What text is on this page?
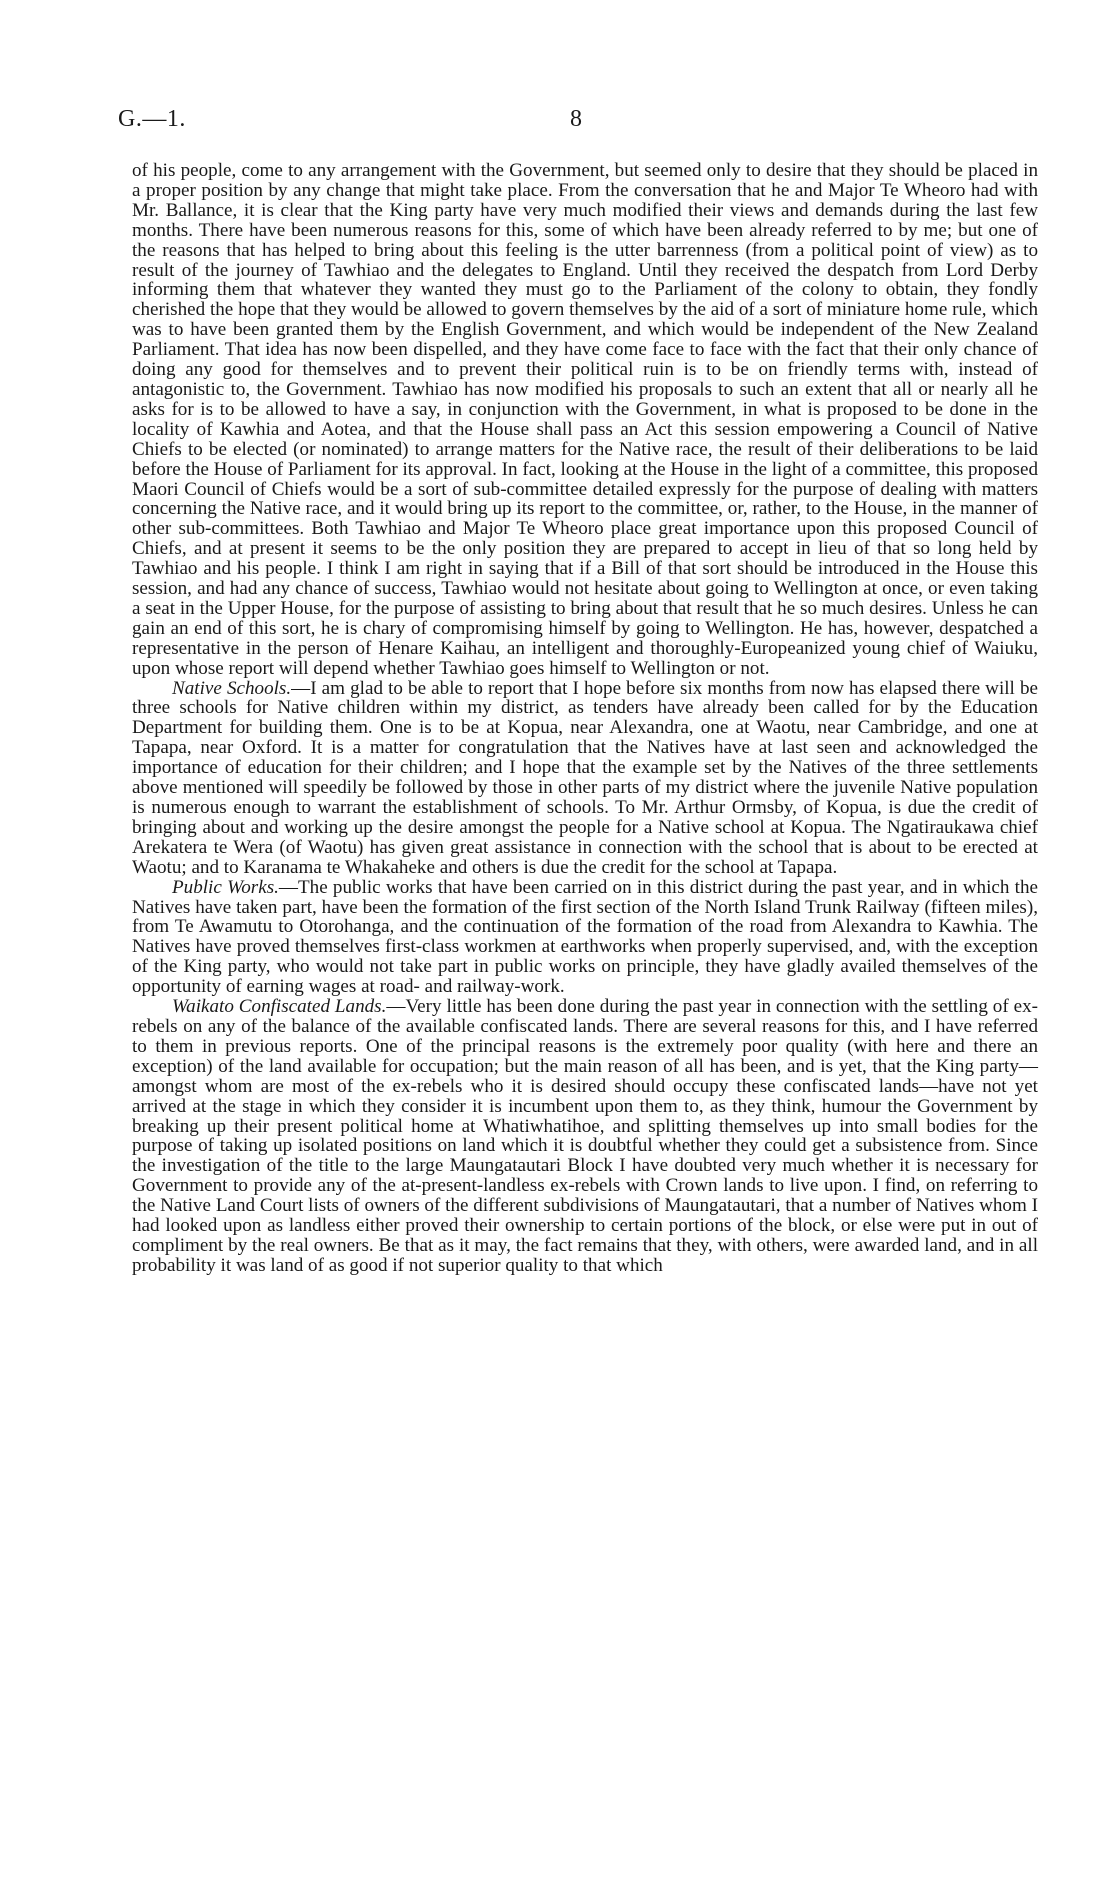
G.—1.	8

of his people, come to any arrangement with the Government, but seemed only to desire that they should be placed in a proper position by any change that might take place. From the conversation that he and Major Te Wheoro had with Mr. Ballance, it is clear that the King party have very much modified their views and demands during the last few months. There have been numerous reasons for this, some of which have been already referred to by me; but one of the reasons that has helped to bring about this feeling is the utter barrenness (from a political point of view) as to result of the journey of Tawhiao and the delegates to England. Until they received the despatch from Lord Derby informing them that whatever they wanted they must go to the Parliament of the colony to obtain, they fondly cherished the hope that they would be allowed to govern themselves by the aid of a sort of miniature home rule, which was to have been granted them by the English Government, and which would be independent of the New Zealand Parliament. That idea has now been dispelled, and they have come face to face with the fact that their only chance of doing any good for themselves and to prevent their political ruin is to be on friendly terms with, instead of antagonistic to, the Government. Tawhiao has now modified his proposals to such an extent that all or nearly all he asks for is to be allowed to have a say, in conjunction with the Government, in what is proposed to be done in the locality of Kawhia and Aotea, and that the House shall pass an Act this session empowering a Council of Native Chiefs to be elected (or nominated) to arrange matters for the Native race, the result of their deliberations to be laid before the House of Parliament for its approval. In fact, looking at the House in the light of a committee, this proposed Maori Council of Chiefs would be a sort of sub-committee detailed expressly for the purpose of dealing with matters concerning the Native race, and it would bring up its report to the committee, or, rather, to the House, in the manner of other sub-committees. Both Tawhiao and Major Te Wheoro place great importance upon this proposed Council of Chiefs, and at present it seems to be the only position they are prepared to accept in lieu of that so long held by Tawhiao and his people. I think I am right in saying that if a Bill of that sort should be introduced in the House this session, and had any chance of success, Tawhiao would not hesitate about going to Wellington at once, or even taking a seat in the Upper House, for the purpose of assisting to bring about that result that he so much desires. Unless he can gain an end of this sort, he is chary of compromising himself by going to Wellington. He has, however, despatched a representative in the person of Henare Kaihau, an intelligent and thoroughly-Europeanized young chief of Waiuku, upon whose report will depend whether Tawhiao goes himself to Wellington or not.

Native Schools.—I am glad to be able to report that I hope before six months from now has elapsed there will be three schools for Native children within my district, as tenders have already been called for by the Education Department for building them. One is to be at Kopua, near Alexandra, one at Waotu, near Cambridge, and one at Tapapa, near Oxford. It is a matter for congratulation that the Natives have at last seen and acknowledged the importance of education for their children; and I hope that the example set by the Natives of the three settlements above mentioned will speedily be followed by those in other parts of my district where the juvenile Native population is numerous enough to warrant the establishment of schools. To Mr. Arthur Ormsby, of Kopua, is due the credit of bringing about and working up the desire amongst the people for a Native school at Kopua. The Ngatiraukawa chief Arekatera te Wera (of Waotu) has given great assistance in connection with the school that is about to be erected at Waotu; and to Karanama te Whakaheke and others is due the credit for the school at Tapapa.

Public Works.—The public works that have been carried on in this district during the past year, and in which the Natives have taken part, have been the formation of the first section of the North Island Trunk Railway (fifteen miles), from Te Awamutu to Otorohanga, and the continuation of the formation of the road from Alexandra to Kawhia. The Natives have proved themselves first-class workmen at earthworks when properly supervised, and, with the exception of the King party, who would not take part in public works on principle, they have gladly availed themselves of the opportunity of earning wages at road- and railway-work.

Waikato Confiscated Lands.—Very little has been done during the past year in connection with the settling of ex-rebels on any of the balance of the available confiscated lands. There are several reasons for this, and I have referred to them in previous reports. One of the principal reasons is the extremely poor quality (with here and there an exception) of the land available for occupation; but the main reason of all has been, and is yet, that the King party—amongst whom are most of the ex-rebels who it is desired should occupy these confiscated lands—have not yet arrived at the stage in which they consider it is incumbent upon them to, as they think, humour the Government by breaking up their present political home at Whatiwhatihoe, and splitting themselves up into small bodies for the purpose of taking up isolated positions on land which it is doubtful whether they could get a subsistence from. Since the investigation of the title to the large Maungatautari Block I have doubted very much whether it is necessary for Government to provide any of the at-present-landless ex-rebels with Crown lands to live upon. I find, on referring to the Native Land Court lists of owners of the different subdivisions of Maungatautari, that a number of Natives whom I had looked upon as landless either proved their ownership to certain portions of the block, or else were put in out of compliment by the real owners. Be that as it may, the fact remains that they, with others, were awarded land, and in all probability it was land of as good if not superior quality to that which
